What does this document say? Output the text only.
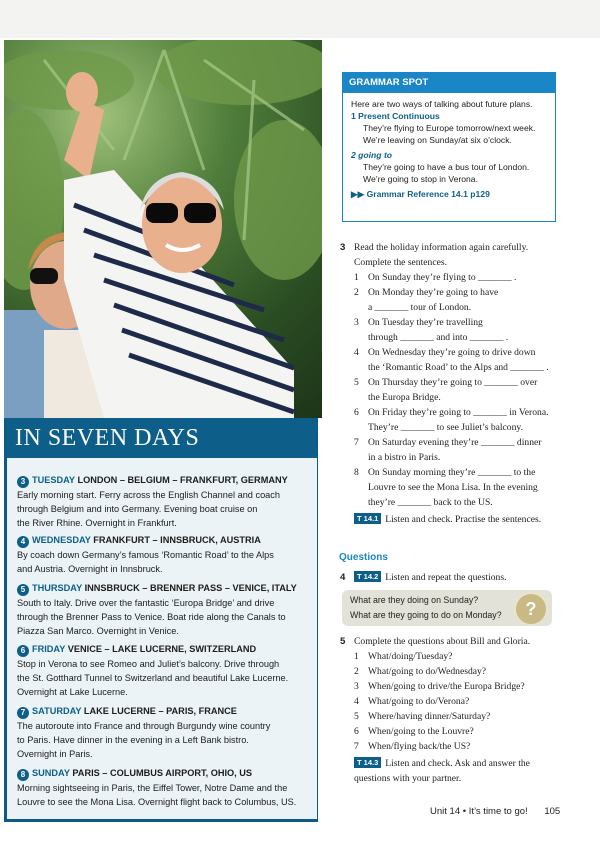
IN SEVEN DAYS
3 TUESDAY LONDON – BELGIUM – FRANKFURT, GERMANY
Early morning start. Ferry across the English Channel and coach
through Belgium and into Germany. Evening boat cruise on
the River Rhine. Overnight in Frankfurt.
4 WEDNESDAY FRANKFURT – INNSBRUCK, AUSTRIA
By coach down Germany’s famous ‘Romantic Road’ to the Alps
and Austria. Overnight in Innsbruck.
5 THURSDAY INNSBRUCK – BRENNER PASS – VENICE, ITALY
South to Italy. Drive over the fantastic ‘Europa Bridge’ and drive
through the Brenner Pass to Venice. Boat ride along the Canals to
Piazza San Marco. Overnight in Venice.
6 FRIDAY VENICE – LAKE LUCERNE, SWITZERLAND
Stop in Verona to see Romeo and Juliet’s balcony. Drive through
the St. Gotthard Tunnel to Switzerland and beautiful Lake Lucerne.
Overnight at Lake Lucerne.
7 SATURDAY LAKE LUCERNE – PARIS, FRANCE
The autoroute into France and through Burgundy wine country
to Paris. Have dinner in the evening in a Left Bank bistro.
Overnight in Paris.
8 SUNDAY PARIS – COLUMBUS AIRPORT, OHIO, US
Morning sightseeing in Paris, the Eiffel Tower, Notre Dame and the
Louvre to see the Mona Lisa. Overnight flight back to Columbus, US.
GRAMMAR SPOT
Here are two ways of talking about future plans.
1 Present Continuous
They’re flying to Europe tomorrow/next week.
We’re leaving on Sunday/at six o’clock.
2 going to
They’re going to have a bus tour of London.
We’re going to stop in Verona.
▶▶ Grammar Reference 14.1 p129
3 Read the holiday information again carefully.
Complete the sentences.
1 On Sunday they’re flying to _______ .
2 On Monday they’re going to have
a _______ tour of London.
3 On Tuesday they’re travelling
through _______ and into _______ .
4 On Wednesday they’re going to drive down
the ‘Romantic Road’ to the Alps and _______ .
5 On Thursday they’re going to _______ over
the Europa Bridge.
6 On Friday they’re going to _______ in Verona.
They’re _______ to see Juliet’s balcony.
7 On Saturday evening they’re _______ dinner
in a bistro in Paris.
8 On Sunday morning they’re _______ to the
Louvre to see the Mona Lisa. In the evening
they’re _______ back to the US.
T 14.1 Listen and check. Practise the sentences.
Questions
4	T 14.2 Listen and repeat the questions.
What are they doing on Sunday?
What are they going to do on Monday?	?
5 Complete the questions about Bill and Gloria.
1 What/doing/Tuesday?
2 What/going to do/Wednesday?
3 When/going to drive/the Europa Bridge?
4 What/going to do/Verona?
5 Where/having dinner/Saturday?
6 When/going to the Louvre?
7 When/flying back/the US?
T 14.3 Listen and check. Ask and answer the
questions with your partner.
Unit 14 • It’s time to go! 105
